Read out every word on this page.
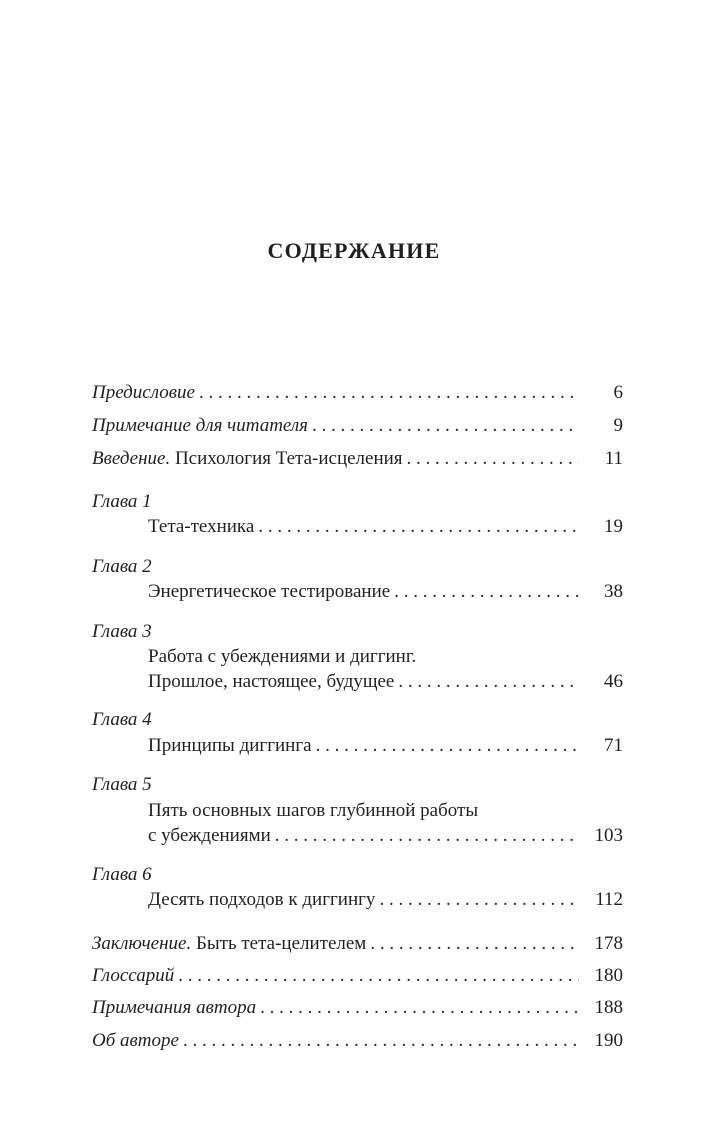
СОДЕРЖАНИЕ
Предисловие . . .	6
Примечание для читателя . . .	9
Введение. Психология Тета-исцеления . . .	11
Глава 1
Тета-техника . . .	19
Глава 2
Энергетическое тестирование . . .	38
Глава 3
Работа с убеждениями и диггинг.
Прошлое, настоящее, будущее . . .	46
Глава 4
Принципы диггинга . . .	71
Глава 5
Пять основных шагов глубинной работы
с убеждениями . . .	103
Глава 6
Десять подходов к диггингу . . .	112
Заключение. Быть тета-целителем . . .	178
Глоссарий . . .	180
Примечания автора . . .	188
Об авторе . . .	190
